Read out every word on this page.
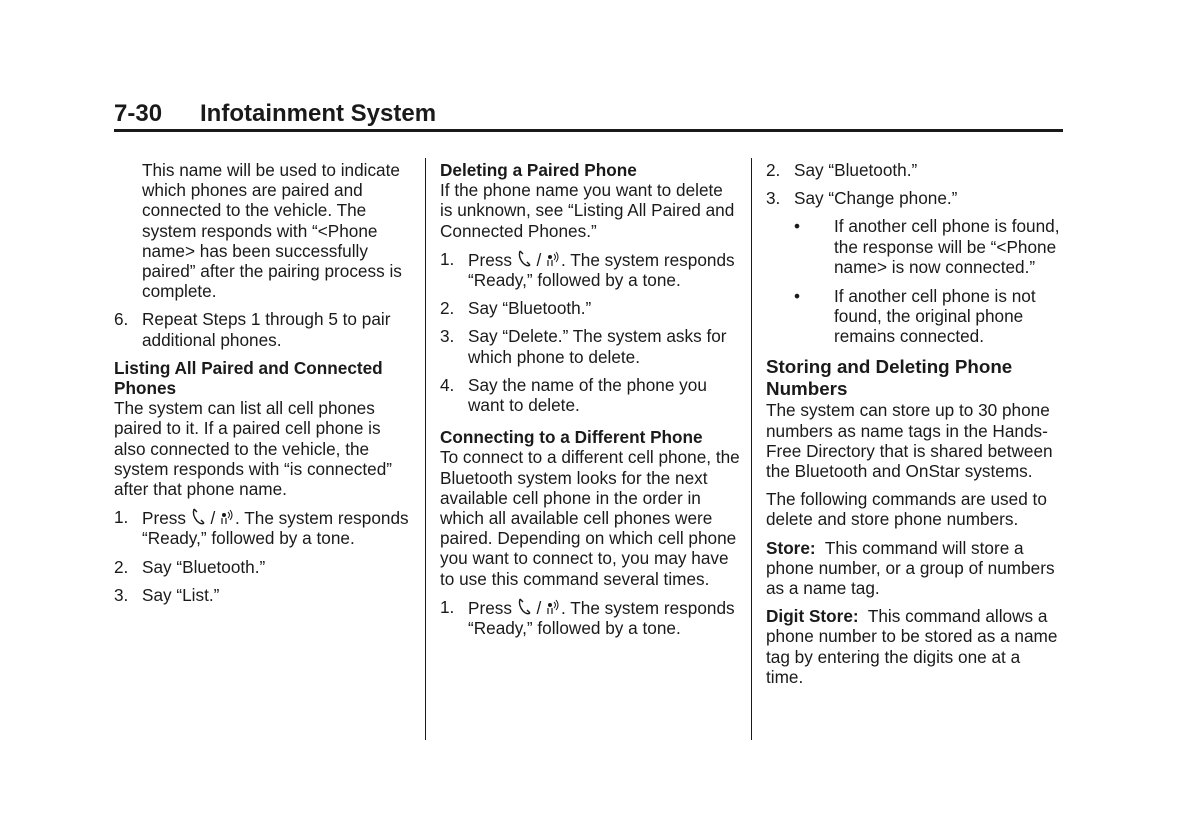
7-30 Infotainment System

This name will be used to indicate which phones are paired and connected to the vehicle. The system responds with “<Phone name> has been successfully paired” after the pairing process is complete.

6. Repeat Steps 1 through 5 to pair additional phones.

Listing All Paired and Connected Phones

The system can list all cell phones paired to it. If a paired cell phone is also connected to the vehicle, the system responds with “is connected” after that phone name.

1. Press  / . The system responds “Ready,” followed by a tone.
2. Say “Bluetooth.”
3. Say “List.”

Deleting a Paired Phone

If the phone name you want to delete is unknown, see “Listing All Paired and Connected Phones.”

1. Press  / . The system responds “Ready,” followed by a tone.
2. Say “Bluetooth.”
3. Say “Delete.” The system asks for which phone to delete.
4. Say the name of the phone you want to delete.

Connecting to a Different Phone

To connect to a different cell phone, the Bluetooth system looks for the next available cell phone in the order in which all available cell phones were paired. Depending on which cell phone you want to connect to, you may have to use this command several times.

1. Press  / . The system responds “Ready,” followed by a tone.
2. Say “Bluetooth.”
3. Say “Change phone.”
• If another cell phone is found, the response will be “<Phone name> is now connected.”
• If another cell phone is not found, the original phone remains connected.

Storing and Deleting Phone Numbers

The system can store up to 30 phone numbers as name tags in the Hands-Free Directory that is shared between the Bluetooth and OnStar systems.

The following commands are used to delete and store phone numbers.

Store: This command will store a phone number, or a group of numbers as a name tag.

Digit Store: This command allows a phone number to be stored as a name tag by entering the digits one at a time.
